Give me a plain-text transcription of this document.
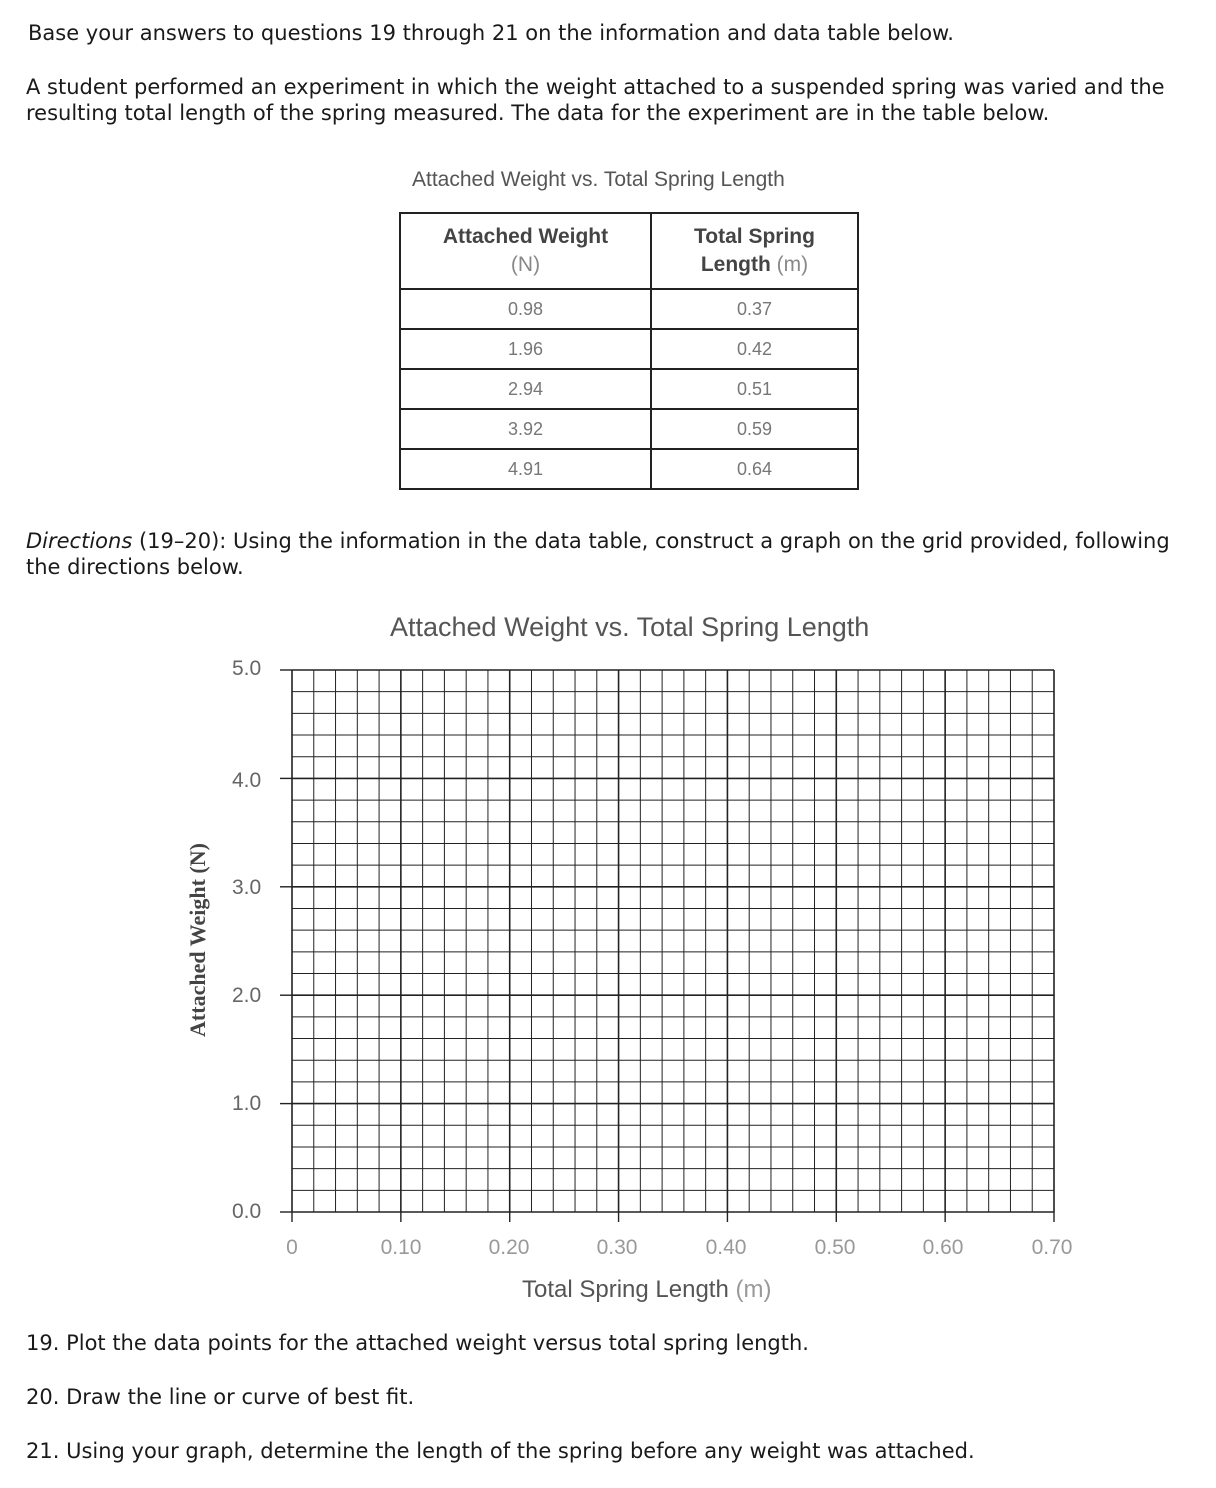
Base your answers to questions 19 through 21 on the information and data table below.

A student performed an experiment in which the weight attached to a suspended spring was varied and the resulting total length of the spring measured. The data for the experiment are in the table below.

Attached Weight vs. Total Spring Length
Attached Weight
(N)	Total Spring
Length (m)
0.98	0.37
1.96	0.42
2.94	0.51
3.92	0.59
4.91	0.64

Directions (19–20): Using the information in the data table, construct a graph on the grid provided, following the directions below.

Attached Weight vs. Total Spring Length
Attached Weight (N)
5.0
4.0
3.0
2.0
1.0
0.0
0	0.10	0.20	0.30	0.40	0.50	0.60	0.70
Total Spring Length (m)

19. Plot the data points for the attached weight versus total spring length.

20. Draw the line or curve of best fit.

21. Using your graph, determine the length of the spring before any weight was attached.
